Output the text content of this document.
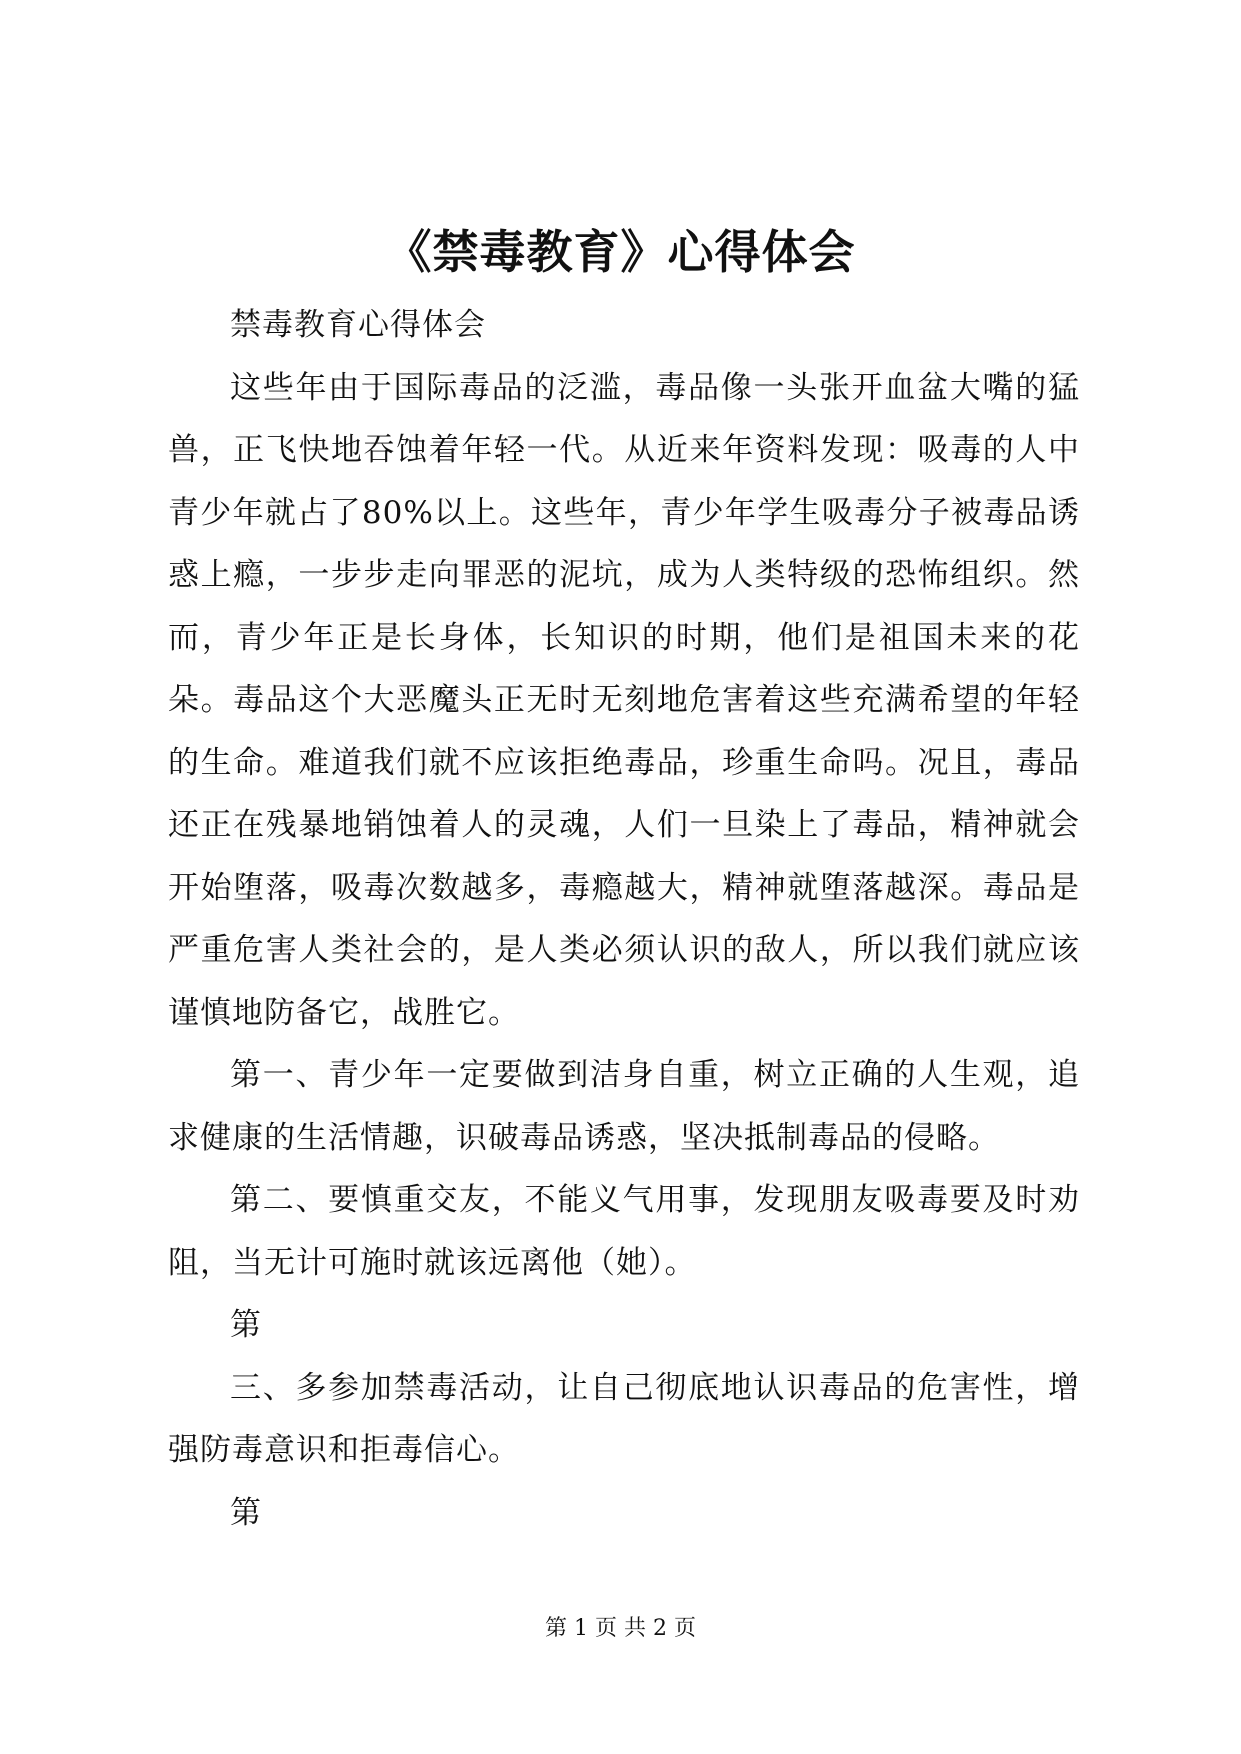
《禁毒教育》心得体会

禁毒教育心得体会

这些年由于国际毒品的泛滥，毒品像一头张开血盆大嘴的猛兽，正飞快地吞蚀着年轻一代。从近来年资料发现：吸毒的人中青少年就占了80%以上。这些年，青少年学生吸毒分子被毒品诱惑上瘾，一步步走向罪恶的泥坑，成为人类特级的恐怖组织。然而，青少年正是长身体，长知识的时期，他们是祖国未来的花朵。毒品这个大恶魔头正无时无刻地危害着这些充满希望的年轻的生命。难道我们就不应该拒绝毒品，珍重生命吗。况且，毒品还正在残暴地销蚀着人的灵魂，人们一旦染上了毒品，精神就会开始堕落，吸毒次数越多，毒瘾越大，精神就堕落越深。毒品是严重危害人类社会的，是人类必须认识的敌人，所以我们就应该谨慎地防备它，战胜它。

第一、青少年一定要做到洁身自重，树立正确的人生观，追求健康的生活情趣，识破毒品诱惑，坚决抵制毒品的侵略。

第二、要慎重交友，不能义气用事，发现朋友吸毒要及时劝阻，当无计可施时就该远离他（她）。

第

三、多参加禁毒活动，让自己彻底地认识毒品的危害性，增强防毒意识和拒毒信心。

第

第 1 页 共 2 页
